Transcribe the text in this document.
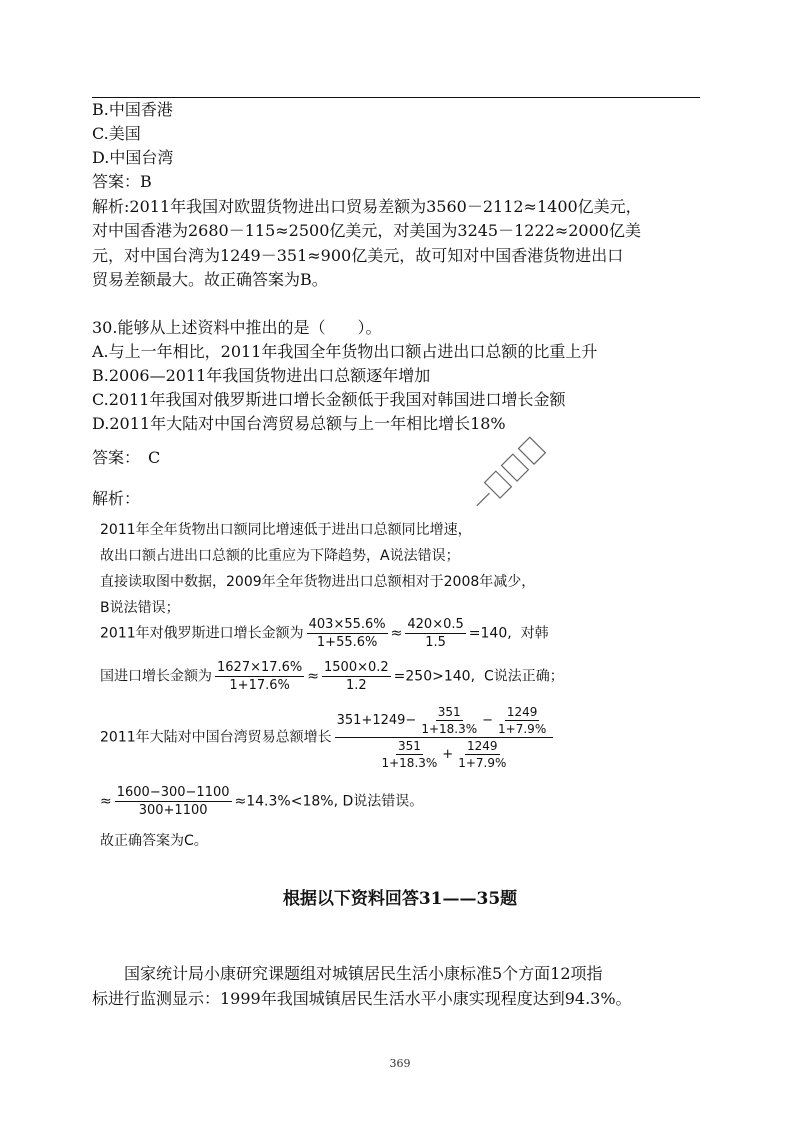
B.中国香港
C.美国
D.中国台湾
答案：B
解析:2011年我国对欧盟货物进出口贸易差额为3560－2112≈1400亿美元，
对中国香港为2680－115≈2500亿美元，对美国为3245－1222≈2000亿美
元，对中国台湾为1249－351≈900亿美元，故可知对中国香港货物进出口
贸易差额最大。故正确答案为B。
30.能够从上述资料中推出的是（　　）。
A.与上一年相比，2011年我国全年货物出口额占进出口总额的比重上升
B.2006—2011年我国货物进出口总额逐年增加
C.2011年我国对俄罗斯进口增长金额低于我国对韩国进口增长金额
D.2011年大陆对中国台湾贸易总额与上一年相比增长18%
答案：　C
解析：
2011年全年货物出口额同比增速低于进出口总额同比增速，
故出口额占进出口总额的比重应为下降趋势，A说法错误；
直接读取图中数据，2009年全年货物进出口总额相对于2008年减少，
B说法错误；
2011年对俄罗斯进口增长金额为 $\frac{403\times 55.6\%}{1+55.6\%} \approx \frac{420\times 0.5}{1.5} =140$, 对韩
国进口增长金额为 $\frac{1627\times 17.6\%}{1+17.6\%} \approx \frac{1500\times 0.2}{1.2} =250>140$, C说法正确；
2011年大陆对中国台湾贸易总额增长 $\frac{351+1249- \frac{351}{1+18.3\%} - \frac{1249}{1+7.9\%}}{\frac{351}{1+18.3\%} + \frac{1249}{1+7.9\%}}$
≈ $\frac{1600-300-1100}{300+1100} \approx 14.3\%<18\%$, D说法错误。
故正确答案为C。
根据以下资料回答31——35题
国家统计局小康研究课题组对城镇居民生活小康标准5个方面12项指
标进行监测显示：1999年我国城镇居民生活水平小康实现程度达到94.3%。
369
